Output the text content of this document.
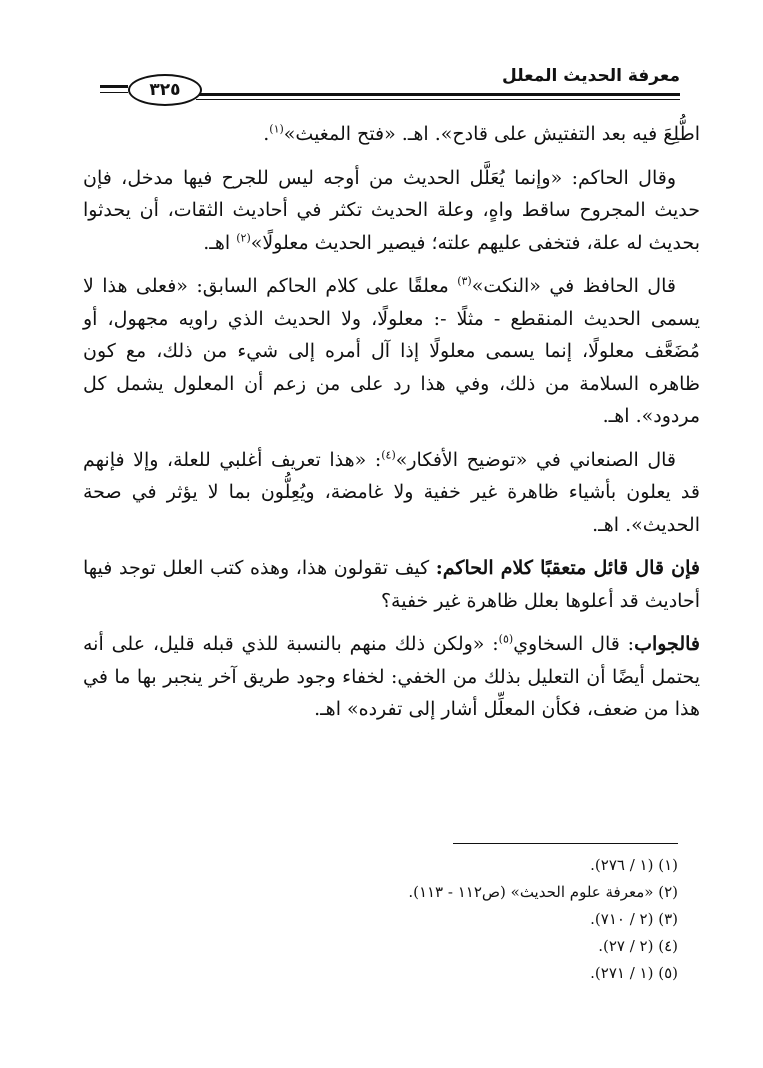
معرفة الحديث المعلل
٣٢٥

اطُّلِعَ فيه بعد التفتيش على قادح». اهـ. «فتح المغيث»$^{(١)}$.

وقال الحاكم: «وإنما يُعَلَّل الحديث من أوجه ليس للجرح فيها مدخل، فإن حديث المجروح ساقط واهٍ، وعلة الحديث تكثر في أحاديث الثقات، أن يحدثوا بحديث له علة، فتخفى عليهم علته؛ فيصير الحديث معلولًا»$^{(٢)}$ اهـ.

قال الحافظ في «النكت»$^{(٣)}$ معلقًا على كلام الحاكم السابق: «فعلى هذا لا يسمى الحديث المنقطع - مثلًا -: معلولًا، ولا الحديث الذي راويه مجهول، أو مُضَعَّف معلولًا، إنما يسمى معلولًا إذا آل أمره إلى شيء من ذلك، مع كون ظاهره السلامة من ذلك، وفي هذا رد على من زعم أن المعلول يشمل كل مردود». اهـ.

قال الصنعاني في «توضيح الأفكار»$^{(٤)}$: «هذا تعريف أغلبي للعلة، وإلا فإنهم قد يعلون بأشياء ظاهرة غير خفية ولا غامضة، ويُعِلُّون بما لا يؤثر في صحة الحديث». اهـ.

فإن قال قائل متعقبًا كلام الحاكم: كيف تقولون هذا، وهذه كتب العلل توجد فيها أحاديث قد أعلوها بعلل ظاهرة غير خفية؟

فالجواب: قال السخاوي$^{(٥)}$: «ولكن ذلك منهم بالنسبة للذي قبله قليل، على أنه يحتمل أيضًا أن التعليل بذلك من الخفي: لخفاء وجود طريق آخر ينجبر بها ما في هذا من ضعف، فكأن المعلِّل أشار إلى تفرده» اهـ.

(١) (١ / ٢٧٦).
(٢) «معرفة علوم الحديث» (ص١١٢ - ١١٣).
(٣) (٢ / ٧١٠).
(٤) (٢ / ٢٧).
(٥) (١ / ٢٧١).
